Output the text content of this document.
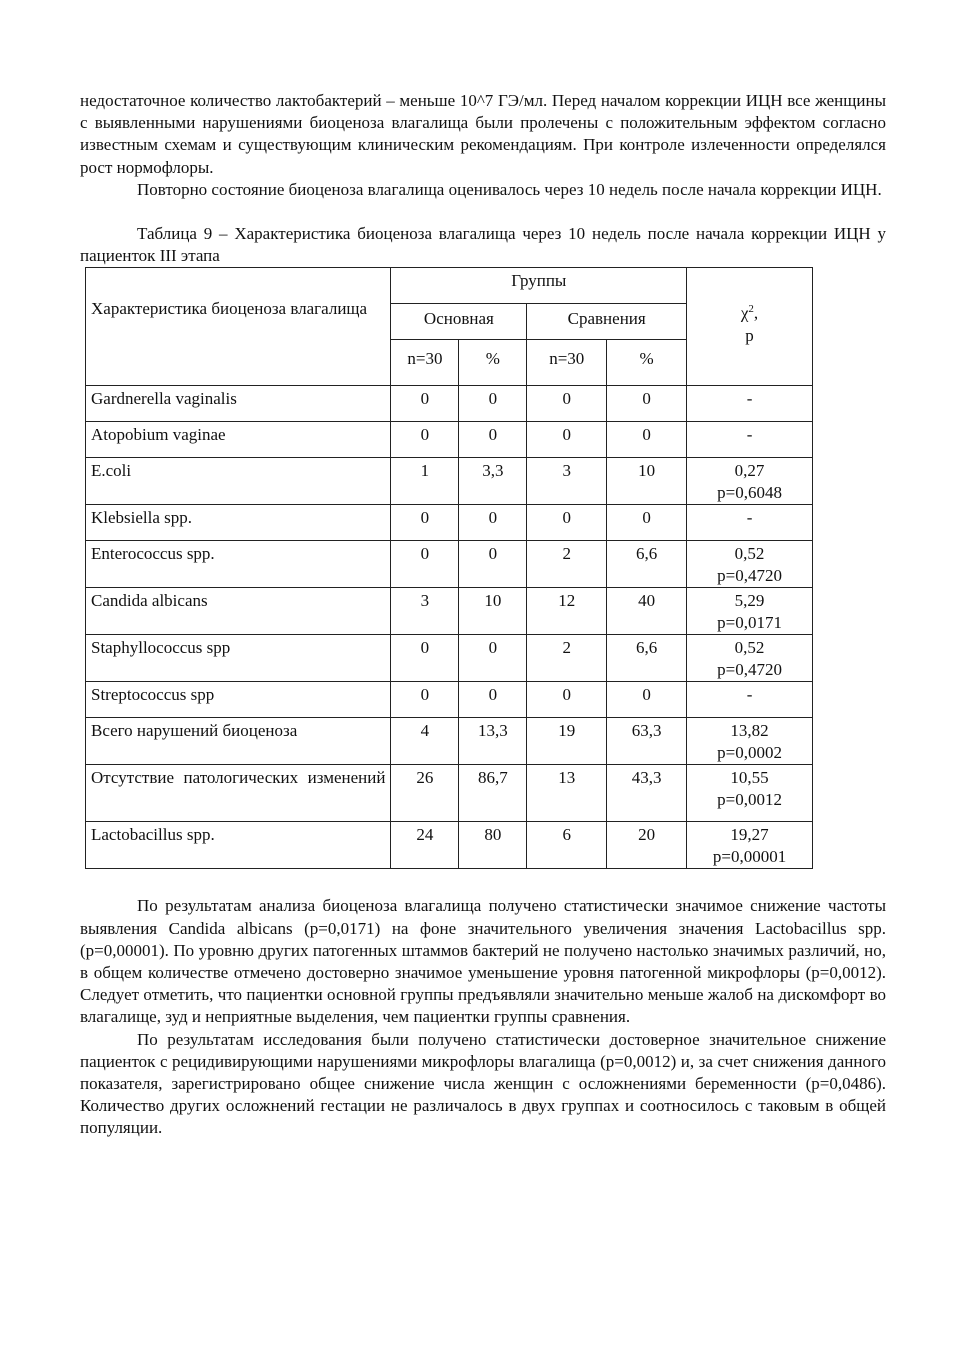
недостаточное количество лактобактерий – меньше 10^7 ГЭ/мл. Перед началом коррекции ИЦН все женщины с выявленными нарушениями биоценоза влагалища были пролечены с положительным эффектом согласно известным схемам и существующим клиническим рекомендациям. При контроле излеченности определялся рост нормофлоры.

Повторно состояние биоценоза влагалища оценивалось через 10 недель после начала коррекции ИЦН.

Таблица 9 – Характеристика биоценоза влагалища через 10 недель после начала коррекции ИЦН у пациенток III этапа

Характеристика биоценоза влагалища	Группы				$\chi^2$,
p
	Основная		Сравнения		
	n=30	%	n=30	%	
Gardnerella vaginalis	0	0	0	0	-
Atopobium vaginae	0	0	0	0	-
E.coli	1	3,3	3	10	0,27
p=0,6048
Klebsiella spp.	0	0	0	0	-
Enterococcus spp.	0	0	2	6,6	0,52
p=0,4720
Candida albicans	3	10	12	40	5,29
p=0,0171
Staphyllococcus spp	0	0	2	6,6	0,52
p=0,4720
Streptococcus spp	0	0	0	0	-
Всего нарушений биоценоза	4	13,3	19	63,3	13,82
p=0,0002
Отсутствие патологических изменений	26	86,7	13	43,3	10,55
p=0,0012
Lactobacillus spp.	24	80	6	20	19,27
p=0,00001

По результатам анализа биоценоза влагалища получено статистически значимое снижение частоты выявления Candida albicans (p=0,0171) на фоне значительного увеличения значения Lactobacillus spp. (p=0,00001). По уровню других патогенных штаммов бактерий не получено настолько значимых различий, но, в общем количестве отмечено достоверно значимое уменьшение уровня патогенной микрофлоры (p=0,0012). Следует отметить, что пациентки основной группы предъявляли значительно меньше жалоб на дискомфорт во влагалище, зуд и неприятные выделения, чем пациентки группы сравнения.

По результатам исследования были получено статистически достоверное значительное снижение пациенток с рецидивирующими нарушениями микрофлоры влагалища (p=0,0012) и, за счет снижения данного показателя, зарегистрировано общее снижение числа женщин с осложнениями беременности (p=0,0486). Количество других осложнений гестации не различалось в двух группах и соотносилось с таковым в общей популяции.
